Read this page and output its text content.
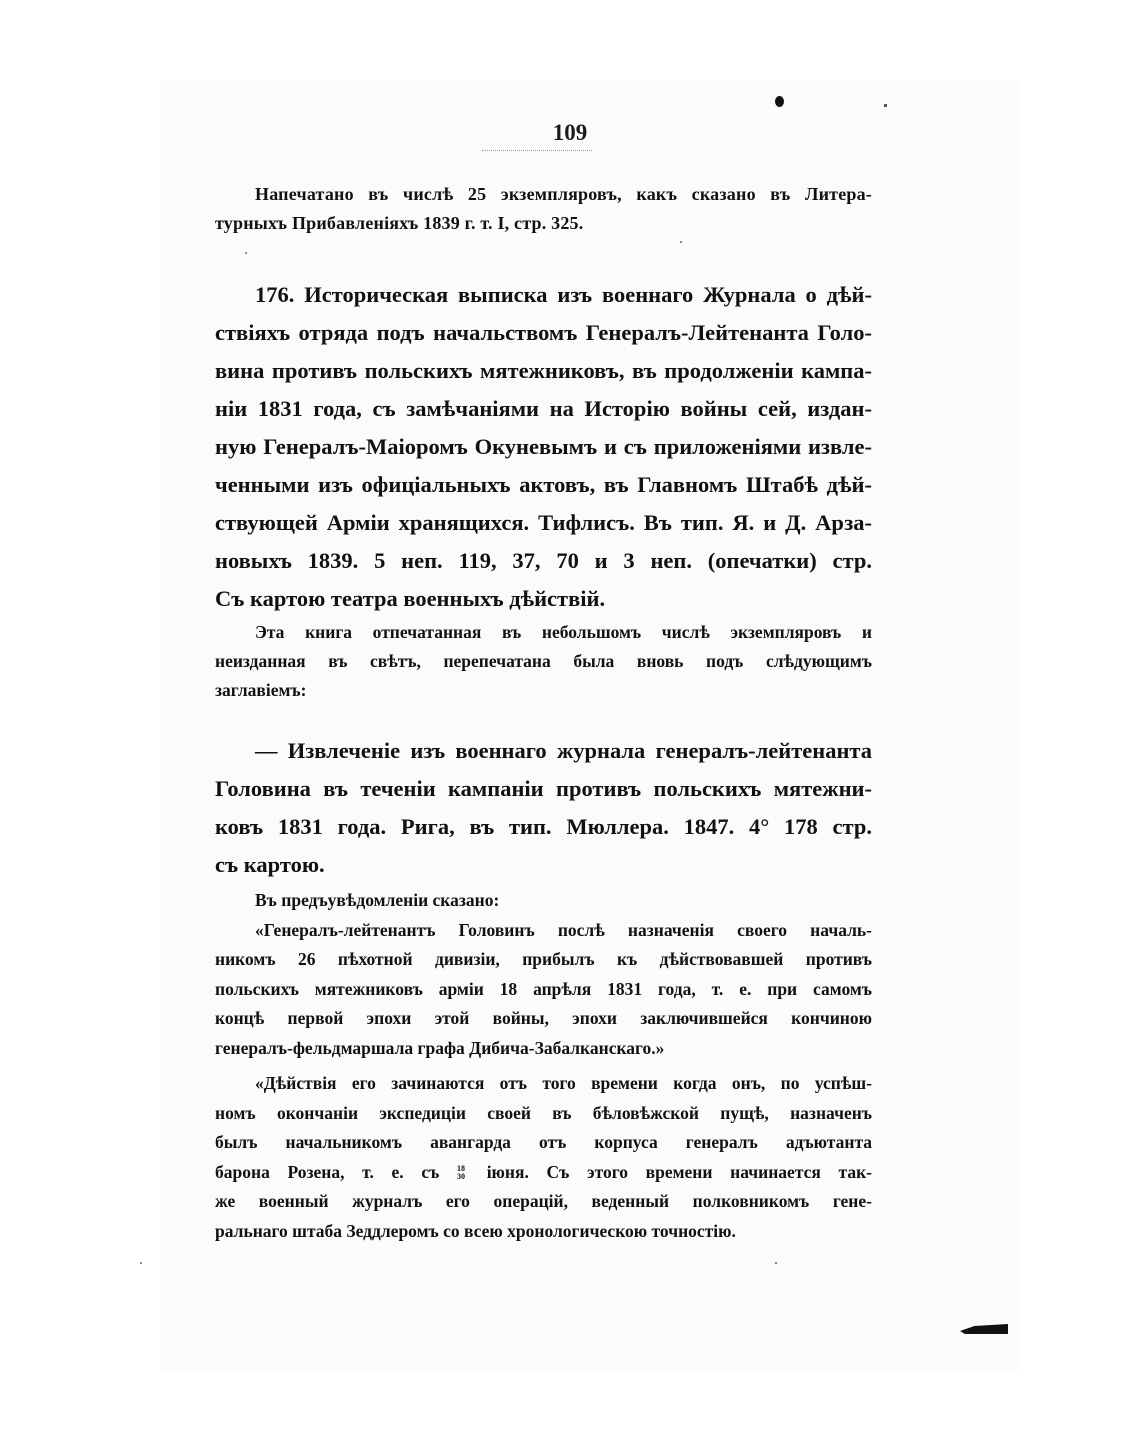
109
Напечатано въ числѣ 25 экземпляровъ, какъ сказано въ Литера-
турныхъ Прибавленіяхъ 1839 г. т. I, стр. 325.
176. Историческая выписка изъ военнаго Журнала о дѣй-
ствіяхъ отряда подъ начальствомъ Генералъ-Лейтенанта Голо-
вина противъ польскихъ мятежниковъ, въ продолженіи кампа-
ніи 1831 года, съ замѣчаніями на Исторію войны сей, издан-
ную Генералъ-Маіоромъ Окуневымъ и съ приложеніями извле-
ченными изъ офиціальныхъ актовъ, въ Главномъ Штабѣ дѣй-
ствующей Арміи хранящихся. Тифлисъ. Въ тип. Я. и Д. Арза-
новыхъ 1839. 5 неп. 119, 37, 70 и 3 неп. (опечатки) стр.
Съ картою театра военныхъ дѣйствій.
Эта книга отпечатанная въ небольшомъ числѣ экземпляровъ и
неизданная въ свѣтъ, перепечатана была вновь подъ слѣдующимъ
заглавіемъ:
— Извлеченіе изъ военнаго журнала генералъ-лейтенанта
Головина въ теченіи кампаніи противъ польскихъ мятежни-
ковъ 1831 года. Рига, въ тип. Мюллера. 1847. 4° 178 стр.
съ картою.
Въ предъувѣдомленіи сказано:
«Генералъ-лейтенантъ Головинъ послѣ назначенія своего началь-
никомъ 26 пѣхотной дивизіи, прибылъ къ дѣйствовавшей противъ
польскихъ мятежниковъ арміи 18 апрѣля 1831 года, т. е. при самомъ
концѣ первой эпохи этой войны, эпохи заключившейся кончиною
генералъ-фельдмаршала графа Дибича-Забалканскаго.»
«Дѣйствія его зачинаются отъ того времени когда онъ, по успѣш-
номъ окончаніи экспедиціи своей въ бѣловѣжской пущѣ, назначенъ
былъ начальникомъ авангарда отъ корпуса генералъ адъютанта
барона Розена, т. е. съ 18
30 іюня. Съ этого времени начинается так-
же военный журналъ его операцій, веденный полковникомъ гене-
ральнаго штаба Зеддлеромъ со всею хронологическою точностію.
